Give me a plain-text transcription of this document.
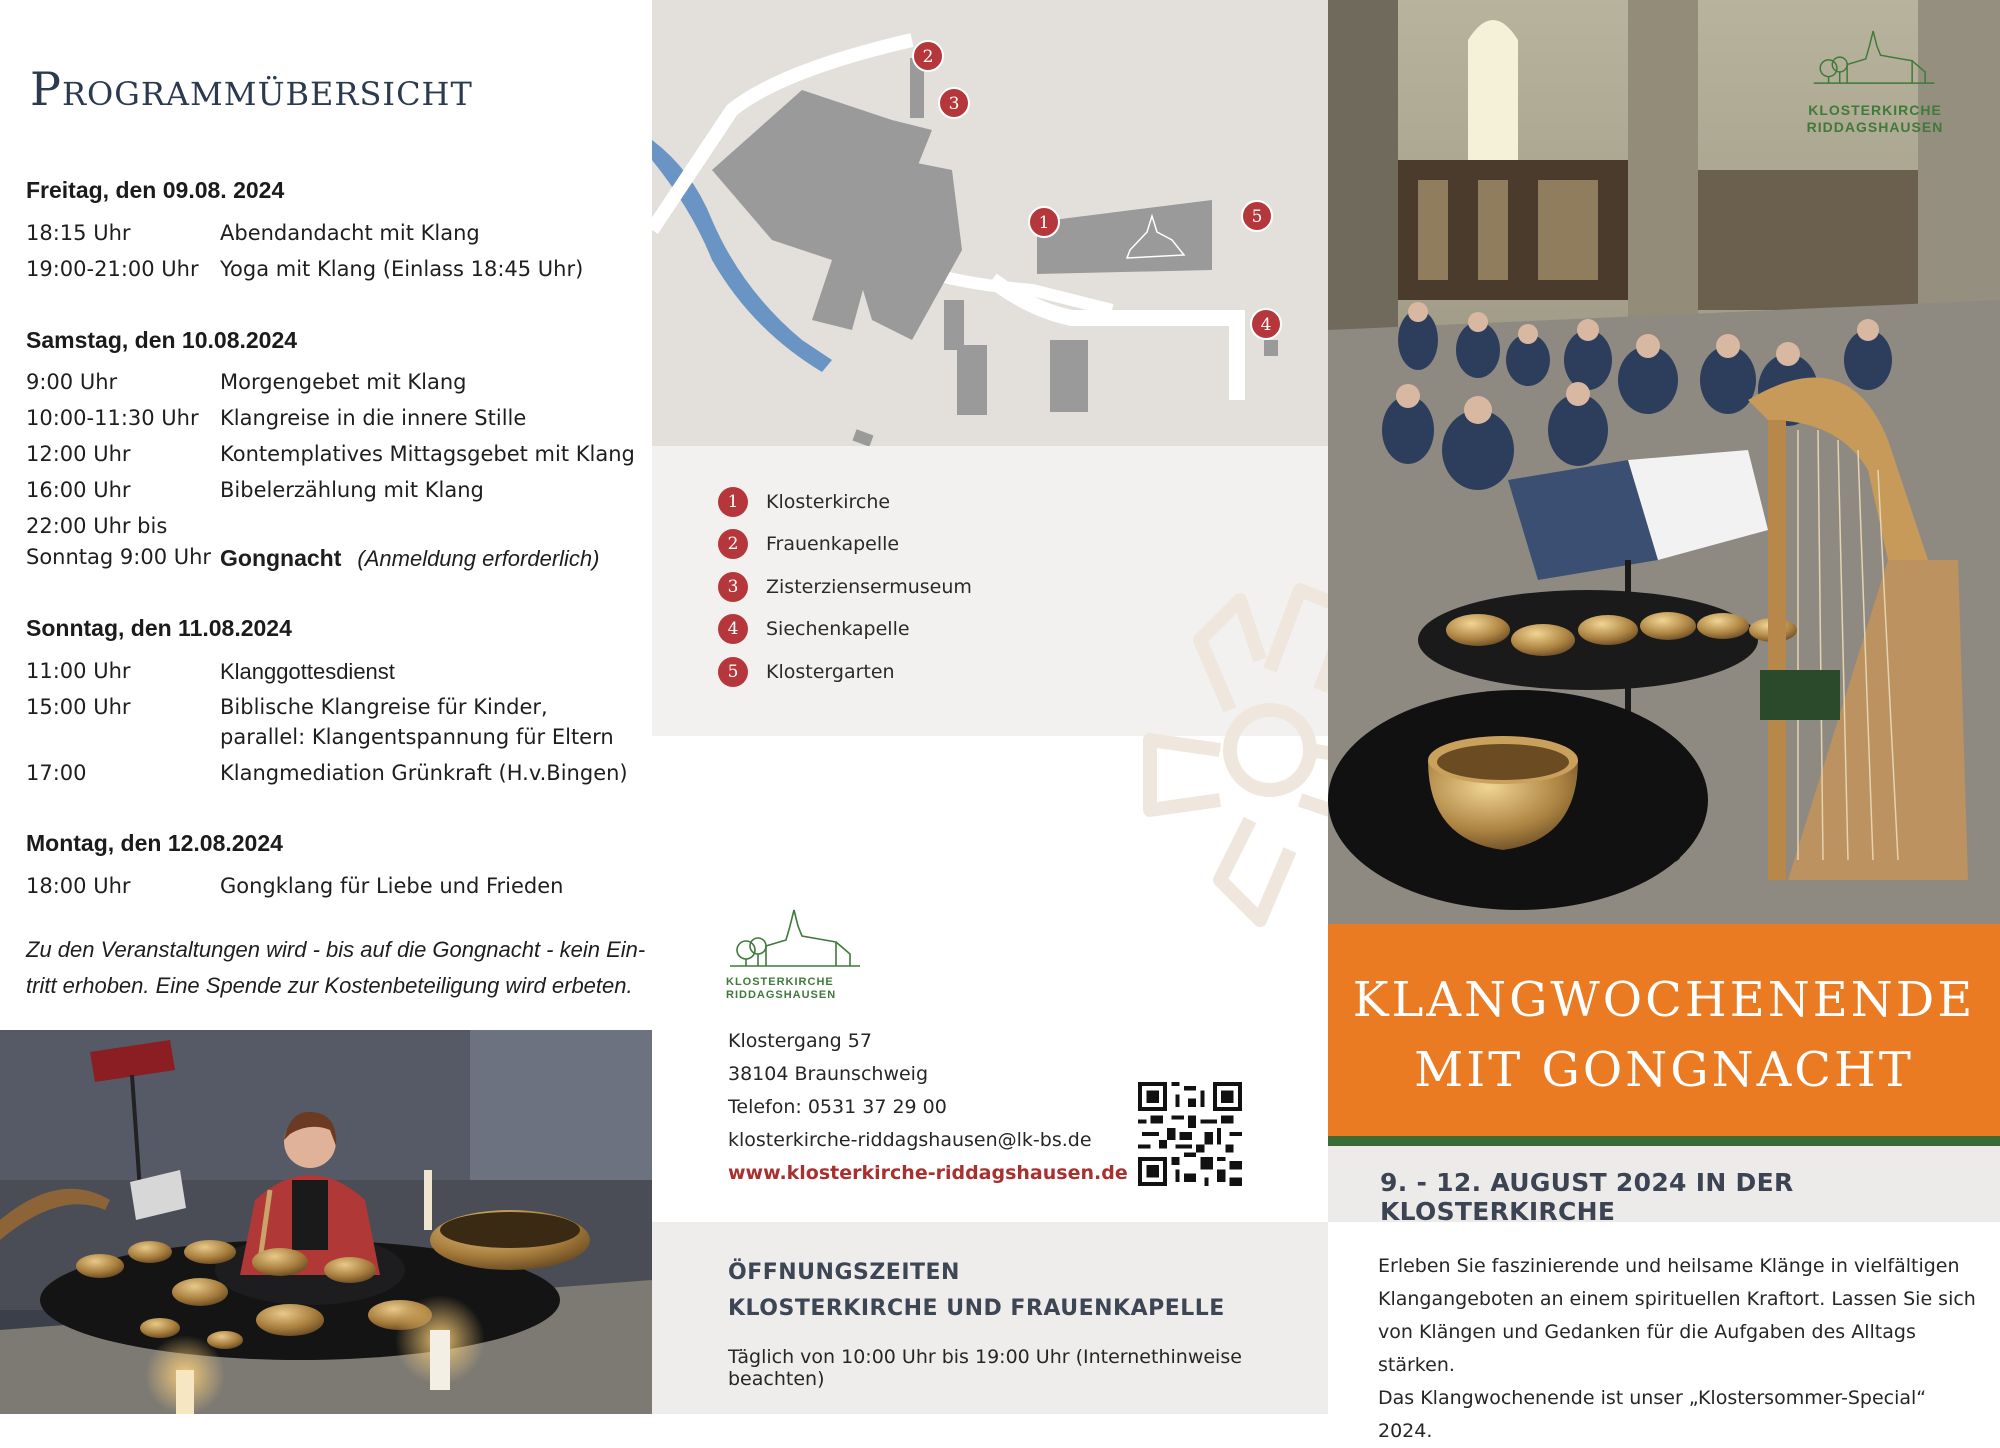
Programmübersicht
Freitag, den 09.08. 2024
18:15 Uhr	Abendandacht mit Klang
19:00-21:00 Uhr Yoga mit Klang (Einlass 18:45 Uhr)
Samstag, den 10.08.2024
9:00 Uhr	Morgengebet mit Klang
10:00-11:30 Uhr Klangreise in die innere Stille
12:00 Uhr	Kontemplatives Mittagsgebet mit Klang
16:00 Uhr	Bibelerzählung mit Klang
22:00 Uhr bis
Sonntag 9:00 Uhr Gongnacht (Anmeldung erforderlich)
Sonntag, den 11.08.2024
11:00 Uhr	Klanggottesdienst
15:00 Uhr	Biblische Klangreise für Kinder,
parallel: Klangentspannung für Eltern
17:00	Klangmediation Grünkraft (H.v.Bingen)
Montag, den 12.08.2024
18:00 Uhr	Gongklang für Liebe und Frieden
Zu den Veranstaltungen wird - bis auf die Gongnacht - kein Ein-
tritt erhoben. Eine Spende zur Kostenbeteiligung wird erbeten.
2
3
1	5
4
1	Klosterkirche
2	Frauenkapelle
3	Zisterziensermuseum
4	Siechenkapelle
5	Klostergarten
Klostergang 57
38104 Braunschweig
Telefon: 0531 37 29 00
klosterkirche-riddagshausen@lk-bs.de
www.klosterkirche-riddagshausen.de
KLOSTERKIRCHE
RIDDAGSHAUSEN
ÖFFNUNGSZEITEN
KLOSTERKIRCHE UND FRAUENKAPELLE
Täglich von 10:00 Uhr bis 19:00 Uhr (Internethinweise beachten)
KLOSTERKIRCHE
RIDDAGSHAUSEN
KLANGWOCHENENDE
MIT GONGNACHT
9. - 12. AUGUST 2024 IN DER KLOSTERKIRCHE
Erleben Sie faszinierende und heilsame Klänge in vielfältigen
Klangangeboten an einem spirituellen Kraftort. Lassen Sie sich
von Klängen und Gedanken für die Aufgaben des Alltags stärken.
Das Klangwochenende ist unser „Klostersommer-Special“ 2024.
